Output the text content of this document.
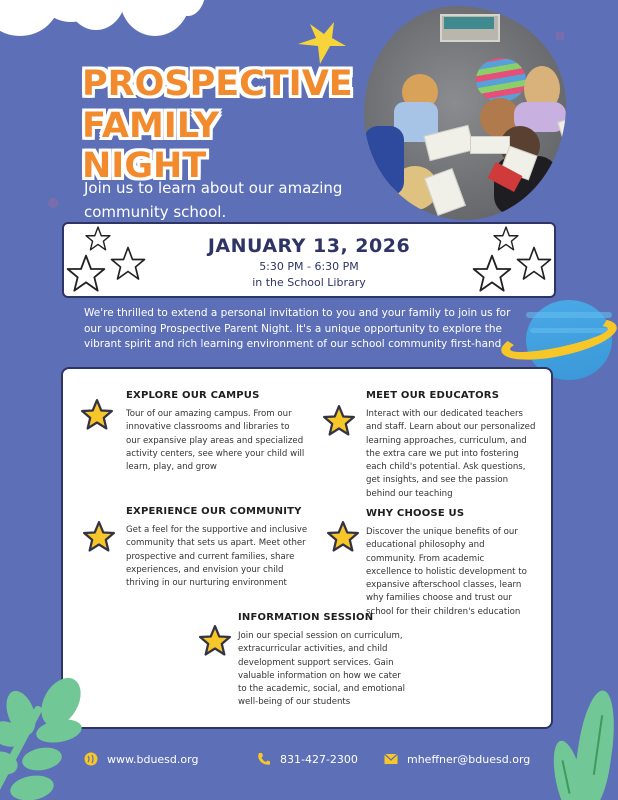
PROSPECTIVE
FAMILY NIGHT
Join us to learn about our amazing community school.
JANUARY 13, 2026
5:30 PM - 6:30 PM
in the School Library
We're thrilled to extend a personal invitation to you and your family to join us for our upcoming Prospective Parent Night. It's a unique opportunity to explore the vibrant spirit and rich learning environment of our school community first-hand
EXPLORE OUR CAMPUS

Tour of our amazing campus. From our innovative classrooms and libraries to our expansive play areas and specialized activity centers, see where your child will learn, play, and grow

MEET OUR EDUCATORS

Interact with our dedicated teachers and staff. Learn about our personalized learning approaches, curriculum, and the extra care we put into fostering each child's potential. Ask questions, get insights, and see the passion behind our teaching

EXPERIENCE OUR COMMUNITY

Get a feel for the supportive and inclusive community that sets us apart. Meet other prospective and current families, share experiences, and envision your child thriving in our nurturing environment

WHY CHOOSE US

Discover the unique benefits of our educational philosophy and community. From academic excellence to holistic development to expansive afterschool classes, learn why families choose and trust our school for their children's education

INFORMATION SESSION

Join our special session on curriculum, extracurricular activities, and child development support services. Gain valuable information on how we cater to the academic, social, and emotional well-being of our students

www.bduesd.org	831-427-2300	mheffner@bduesd.org
